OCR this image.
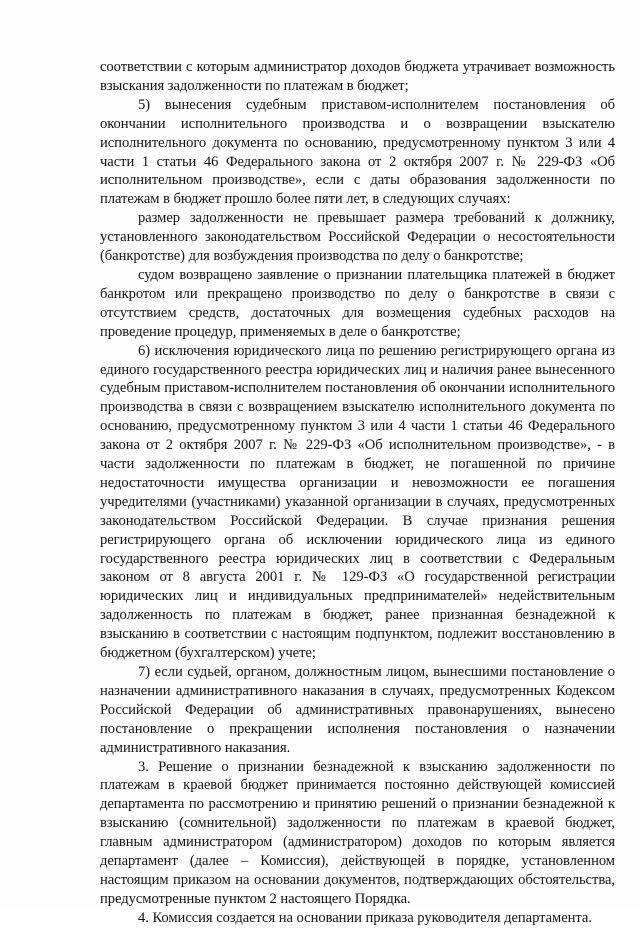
соответствии с которым администратор доходов бюджета утрачивает возможность взыскания задолженности по платежам в бюджет;

5) вынесения судебным приставом-исполнителем постановления об окончании исполнительного производства и о возвращении взыскателю исполнительного документа по основанию, предусмотренному пунктом 3 или 4 части 1 статьи 46 Федерального закона от 2 октября 2007 г. № 229-ФЗ «Об исполнительном производстве», если с даты образования задолженности по платежам в бюджет прошло более пяти лет, в следующих случаях:

размер задолженности не превышает размера требований к должнику, установленного законодательством Российской Федерации о несостоятельности (банкротстве) для возбуждения производства по делу о банкротстве;

судом возвращено заявление о признании плательщика платежей в бюджет банкротом или прекращено производство по делу о банкротстве в связи с отсутствием средств, достаточных для возмещения судебных расходов на проведение процедур, применяемых в деле о банкротстве;

6) исключения юридического лица по решению регистрирующего органа из единого государственного реестра юридических лиц и наличия ранее вынесенного судебным приставом-исполнителем постановления об окончании исполнительного производства в связи с возвращением взыскателю исполнительного документа по основанию, предусмотренному пунктом 3 или 4 части 1 статьи 46 Федерального закона от 2 октября 2007 г. № 229-ФЗ «Об исполнительном производстве», - в части задолженности по платежам в бюджет, не погашенной по причине недостаточности имущества организации и невозможности ее погашения учредителями (участниками) указанной организации в случаях, предусмотренных законодательством Российской Федерации. В случае признания решения регистрирующего органа об исключении юридического лица из единого государственного реестра юридических лиц в соответствии с Федеральным законом от 8 августа 2001 г. № 129-ФЗ «О государственной регистрации юридических лиц и индивидуальных предпринимателей» недействительным задолженность по платежам в бюджет, ранее признанная безнадежной к взысканию в соответствии с настоящим подпунктом, подлежит восстановлению в бюджетном (бухгалтерском) учете;

7) если судьей, органом, должностным лицом, вынесшими постановление о назначении административного наказания в случаях, предусмотренных Кодексом Российской Федерации об административных правонарушениях, вынесено постановление о прекращении исполнения постановления о назначении административного наказания.

3. Решение о признании безнадежной к взысканию задолженности по платежам в краевой бюджет принимается постоянно действующей комиссией департамента по рассмотрению и принятию решений о признании безнадежной к взысканию (сомнительной) задолженности по платежам в краевой бюджет, главным администратором (администратором) доходов по которым является департамент (далее – Комиссия), действующей в порядке, установленном настоящим приказом на основании документов, подтверждающих обстоятельства, предусмотренные пунктом 2 настоящего Порядка.

4. Комиссия создается на основании приказа руководителя департамента.
